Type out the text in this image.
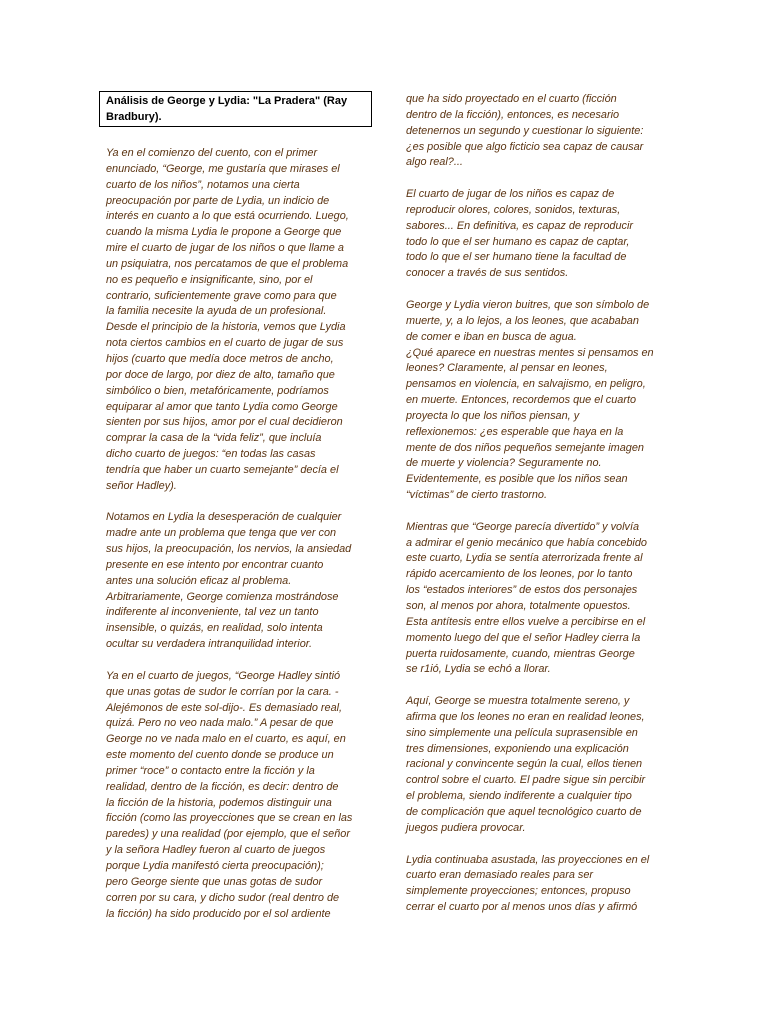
Análisis de George y Lydia: "La Pradera" (Ray
Bradbury).
Ya en el comienzo del cuento, con el primer
enunciado, “George, me gustaría que mirases el
cuarto de los niños”, notamos una cierta
preocupación por parte de Lydia, un indicio de
interés en cuanto a lo que está ocurriendo. Luego,
cuando la misma Lydia le propone a George que
mire el cuarto de jugar de los niños o que llame a
un psiquiatra, nos percatamos de que el problema
no es pequeño e insignificante, sino, por el
contrario, suficientemente grave como para que
la familia necesite la ayuda de un profesional.
Desde el principio de la historia, vemos que Lydia
nota ciertos cambios en el cuarto de jugar de sus
hijos (cuarto que medía doce metros de ancho,
por doce de largo, por diez de alto, tamaño que
simbólico o bien, metafóricamente, podríamos
equiparar al amor que tanto Lydia como George
sienten por sus hijos, amor por el cual decidieron
comprar la casa de la “vida feliz”, que incluía
dicho cuarto de juegos: “en todas las casas
tendría que haber un cuarto semejante” decía el
señor Hadley).
Notamos en Lydia la desesperación de cualquier
madre ante un problema que tenga que ver con
sus hijos, la preocupación, los nervios, la ansiedad
presente en ese intento por encontrar cuanto
antes una solución eficaz al problema.
Arbitrariamente, George comienza mostrándose
indiferente al inconveniente, tal vez un tanto
insensible, o quizás, en realidad, solo intenta
ocultar su verdadera intranquilidad interior.
Ya en el cuarto de juegos, “George Hadley sintió
que unas gotas de sudor le corrían por la cara. -
Alejémonos de este sol-dijo-. Es demasiado real,
quizá. Pero no veo nada malo.” A pesar de que
George no ve nada malo en el cuarto, es aquí, en
este momento del cuento donde se produce un
primer “roce” o contacto entre la ficción y la
realidad, dentro de la ficción, es decir: dentro de
la ficción de la historia, podemos distinguir una
ficción (como las proyecciones que se crean en las
paredes) y una realidad (por ejemplo, que el señor
y la señora Hadley fueron al cuarto de juegos
porque Lydia manifestó cierta preocupación);
pero George siente que unas gotas de sudor
corren por su cara, y dicho sudor (real dentro de
la ficción) ha sido producido por el sol ardiente
que ha sido proyectado en el cuarto (ficción
dentro de la ficción), entonces, es necesario
detenernos un segundo y cuestionar lo siguiente:
¿es posible que algo ficticio sea capaz de causar
algo real?...
El cuarto de jugar de los niños es capaz de
reproducir olores, colores, sonidos, texturas,
sabores... En definitiva, es capaz de reproducir
todo lo que el ser humano es capaz de captar,
todo lo que el ser humano tiene la facultad de
conocer a través de sus sentidos.
George y Lydia vieron buitres, que son símbolo de
muerte, y, a lo lejos, a los leones, que acababan
de comer e iban en busca de agua.
¿Qué aparece en nuestras mentes si pensamos en
leones? Claramente, al pensar en leones,
pensamos en violencia, en salvajismo, en peligro,
en muerte. Entonces, recordemos que el cuarto
proyecta lo que los niños piensan, y
reflexionemos: ¿es esperable que haya en la
mente de dos niños pequeños semejante imagen
de muerte y violencia? Seguramente no.
Evidentemente, es posible que los niños sean
“víctimas” de cierto trastorno.
Mientras que “George parecía divertido” y volvía
a admirar el genio mecánico que había concebido
este cuarto, Lydia se sentía aterrorizada frente al
rápido acercamiento de los leones, por lo tanto
los “estados interiores” de estos dos personajes
son, al menos por ahora, totalmente opuestos.
Esta antítesis entre ellos vuelve a percibirse en el
momento luego del que el señor Hadley cierra la
puerta ruidosamente, cuando, mientras George
se r1ió, Lydia se echó a llorar.
Aquí, George se muestra totalmente sereno, y
afirma que los leones no eran en realidad leones,
sino simplemente una película suprasensible en
tres dimensiones, exponiendo una explicación
racional y convincente según la cual, ellos tienen
control sobre el cuarto. El padre sigue sin percibir
el problema, siendo indiferente a cualquier tipo
de complicación que aquel tecnológico cuarto de
juegos pudiera provocar.
Lydia continuaba asustada, las proyecciones en el
cuarto eran demasiado reales para ser
simplemente proyecciones; entonces, propuso
cerrar el cuarto por al menos unos días y afirmó
